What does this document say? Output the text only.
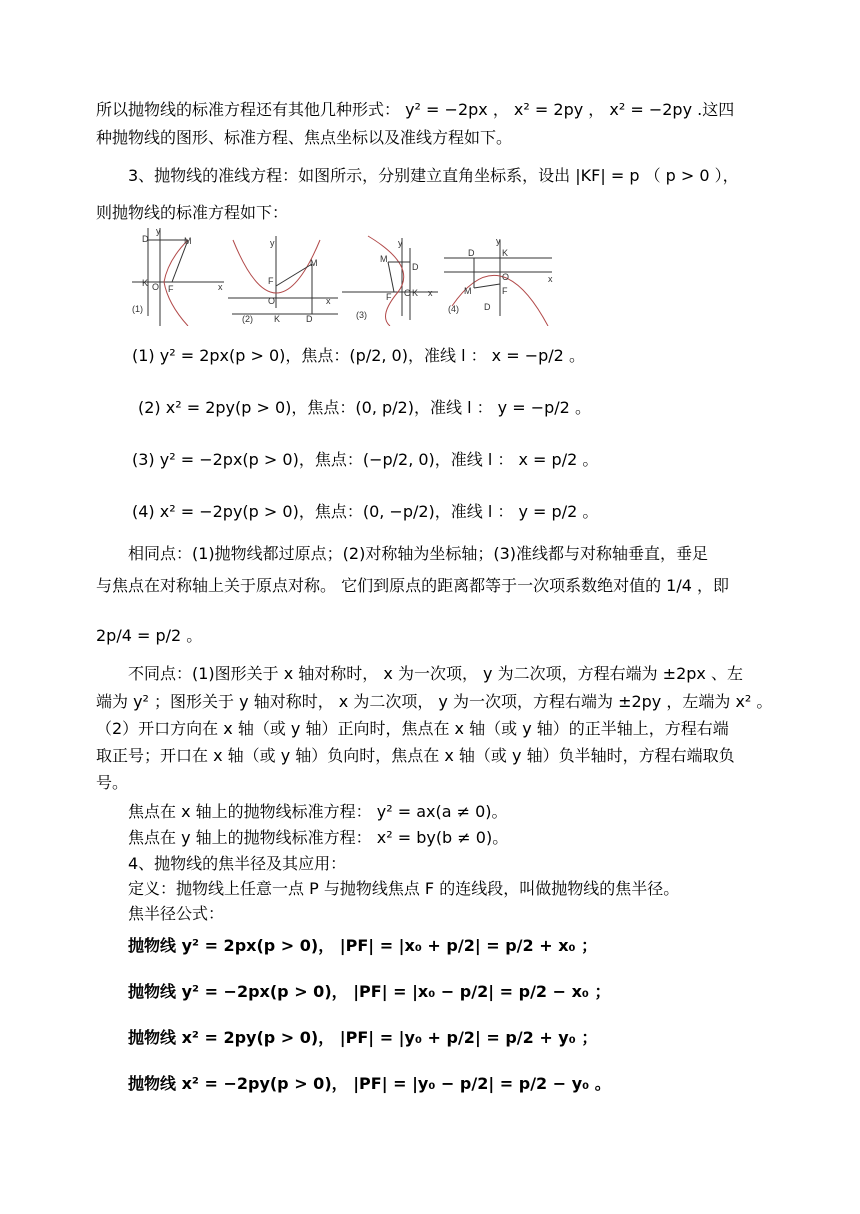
所以抛物线的标准方程还有其他几种形式： y² = −2px ， x² = 2py ， x² = −2py .这四
种抛物线的图形、标准方程、焦点坐标以及准线方程如下。
3、抛物线的准线方程：如图所示，分别建立直角坐标系，设出 |KF| = p （ p > 0 ），
则抛物线的标准方程如下：
D
y
M
K O F	x
(1)
y
F
M
O	x
(2) K	D
y
M
D
F O K x
(3)
y
D	K
O	x
M	F
(4)	D
(1) y² = 2px(p > 0)，焦点：(p/2, 0)，准线 l ： x = −p/2 。
(2) x² = 2py(p > 0)，焦点：(0, p/2)，准线 l ： y = −p/2 。
(3) y² = −2px(p > 0)，焦点：(−p/2, 0)，准线 l ： x = p/2 。
(4) x² = −2py(p > 0)，焦点：(0, −p/2)，准线 l ： y = p/2 。
相同点：(1)抛物线都过原点；(2)对称轴为坐标轴；(3)准线都与对称轴垂直，垂足
与焦点在对称轴上关于原点对称。 它们到原点的距离都等于一次项系数绝对值的 1/4 ，即
2p/4 = p/2 。
不同点：(1)图形关于 x 轴对称时， x 为一次项， y 为二次项，方程右端为 ±2px 、左
端为 y² ；图形关于 y 轴对称时， x 为二次项， y 为一次项，方程右端为 ±2py ，左端为 x² 。
（2）开口方向在 x 轴（或 y 轴）正向时，焦点在 x 轴（或 y 轴）的正半轴上，方程右端
取正号；开口在 x 轴（或 y 轴）负向时，焦点在 x 轴（或 y 轴）负半轴时，方程右端取负
号。
焦点在 x 轴上的抛物线标准方程： y² = ax(a ≠ 0)。
焦点在 y 轴上的抛物线标准方程： x² = by(b ≠ 0)。
4、抛物线的焦半径及其应用：
定义：抛物线上任意一点 P 与抛物线焦点 F 的连线段，叫做抛物线的焦半径。
焦半径公式：
抛物线 y² = 2px(p > 0)， |PF| = |x₀ + p/2| = p/2 + x₀ ；
抛物线 y² = −2px(p > 0)， |PF| = |x₀ − p/2| = p/2 − x₀ ；
抛物线 x² = 2py(p > 0)， |PF| = |y₀ + p/2| = p/2 + y₀ ；
抛物线 x² = −2py(p > 0)， |PF| = |y₀ − p/2| = p/2 − y₀ 。
